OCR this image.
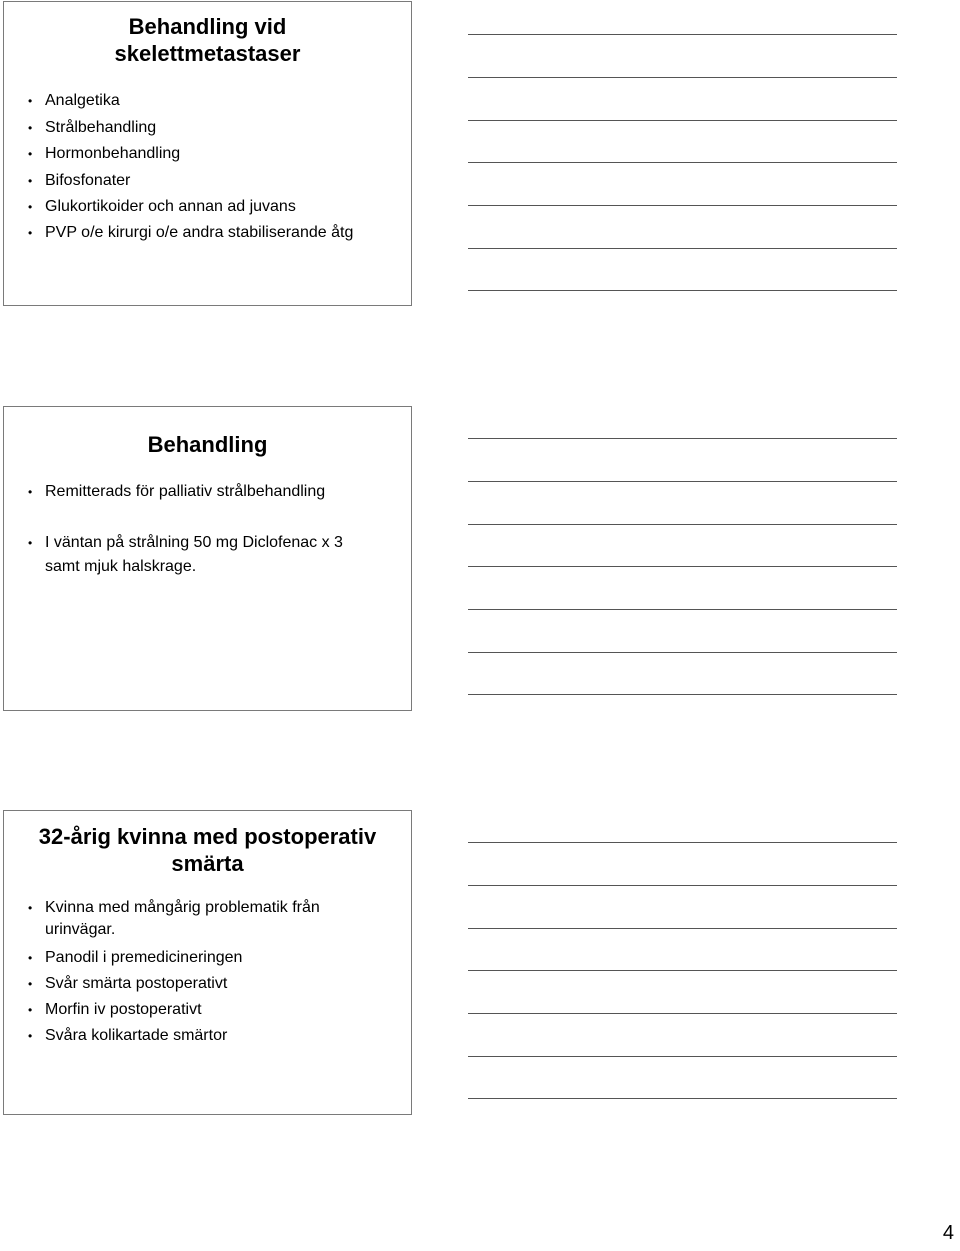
Behandling vid
skelettmetastaser
• Analgetika
• Strålbehandling
• Hormonbehandling
• Bifosfonater
• Glukortikoider och annan ad juvans
• PVP o/e kirurgi o/e andra stabiliserande åtg
Behandling
• Remitterads för palliativ strålbehandling
• I väntan på strålning 50 mg Diclofenac x 3 samt mjuk halskrage.
32-årig kvinna med postoperativ
smärta
• Kvinna med mångårig problematik från urinvägar.
• Panodil i premedicineringen
• Svår smärta postoperativt
• Morfin iv postoperativt
• Svåra kolikartade smärtor
4
